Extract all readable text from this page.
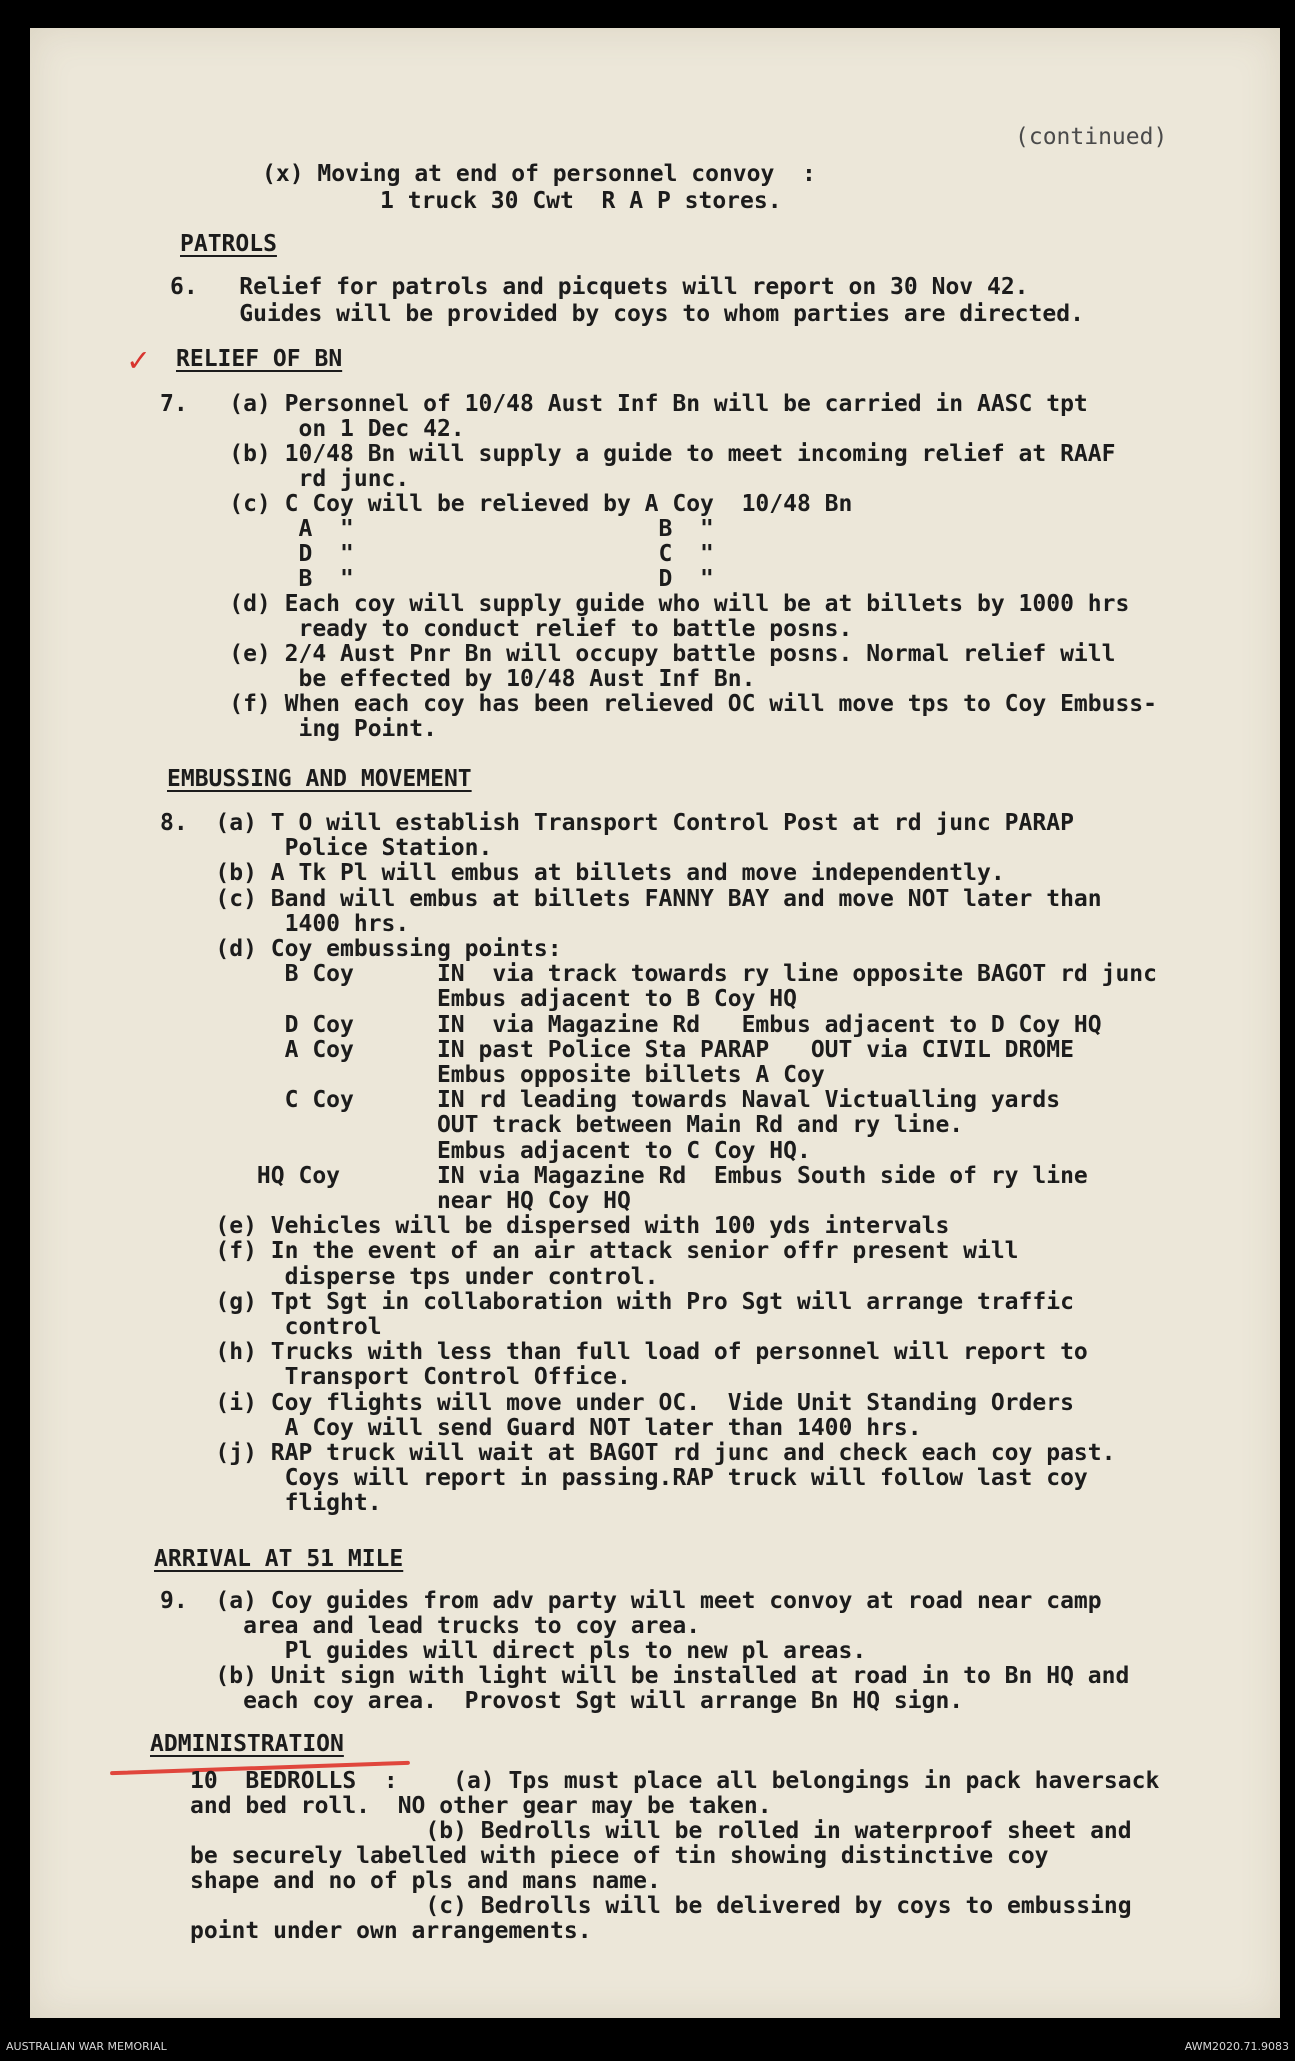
(continued)
(x) Moving at end of personnel convoy  :
1 truck 30 Cwt  R A P stores.
PATROLS
6.   Relief for patrols and picquets will report on 30 Nov 42.
Guides will be provided by coys to whom parties are directed.
✓ RELIEF OF BN
7.   (a) Personnel of 10/48 Aust Inf Bn will be carried in AASC tpt
on 1 Dec 42.
(b) 10/48 Bn will supply a guide to meet incoming relief at RAAF
rd junc.
(c) C Coy will be relieved by A Coy  10/48 Bn
A  "                      B  "
D  "                      C  "
B  "                      D  "
(d) Each coy will supply guide who will be at billets by 1000 hrs
ready to conduct relief to battle posns.
(e) 2/4 Aust Pnr Bn will occupy battle posns. Normal relief will
be effected by 10/48 Aust Inf Bn.
(f) When each coy has been relieved OC will move tps to Coy Embuss-
ing Point.
EMBUSSING AND MOVEMENT
8.  (a) T O will establish Transport Control Post at rd junc PARAP
Police Station.
(b) A Tk Pl will embus at billets and move independently.
(c) Band will embus at billets FANNY BAY and move NOT later than
1400 hrs.
(d) Coy embussing points:
B Coy      IN  via track towards ry line opposite BAGOT rd junc
Embus adjacent to B Coy HQ
D Coy      IN  via Magazine Rd   Embus adjacent to D Coy HQ
A Coy      IN past Police Sta PARAP   OUT via CIVIL DROME
Embus opposite billets A Coy
C Coy      IN rd leading towards Naval Victualling yards
OUT track between Main Rd and ry line.
Embus adjacent to C Coy HQ.
HQ Coy       IN via Magazine Rd  Embus South side of ry line
near HQ Coy HQ
(e) Vehicles will be dispersed with 100 yds intervals
(f) In the event of an air attack senior offr present will
disperse tps under control.
(g) Tpt Sgt in collaboration with Pro Sgt will arrange traffic
control
(h) Trucks with less than full load of personnel will report to
Transport Control Office.
(i) Coy flights will move under OC.  Vide Unit Standing Orders
A Coy will send Guard NOT later than 1400 hrs.
(j) RAP truck will wait at BAGOT rd junc and check each coy past.
Coys will report in passing.RAP truck will follow last coy
flight.
ARRIVAL AT 51 MILE
9.  (a) Coy guides from adv party will meet convoy at road near camp
area and lead trucks to coy area.
Pl guides will direct pls to new pl areas.
(b) Unit sign with light will be installed at road in to Bn HQ and
each coy area.  Provost Sgt will arrange Bn HQ sign.
ADMINISTRATION
10  BEDROLLS  :    (a) Tps must place all belongings in pack haversack
and bed roll.  NO other gear may be taken.
(b) Bedrolls will be rolled in waterproof sheet and
be securely labelled with piece of tin showing distinctive coy
shape and no of pls and mans name.
(c) Bedrolls will be delivered by coys to embussing
point under own arrangements.
AUSTRALIAN WAR MEMORIAL	AWM2020.71.9083
